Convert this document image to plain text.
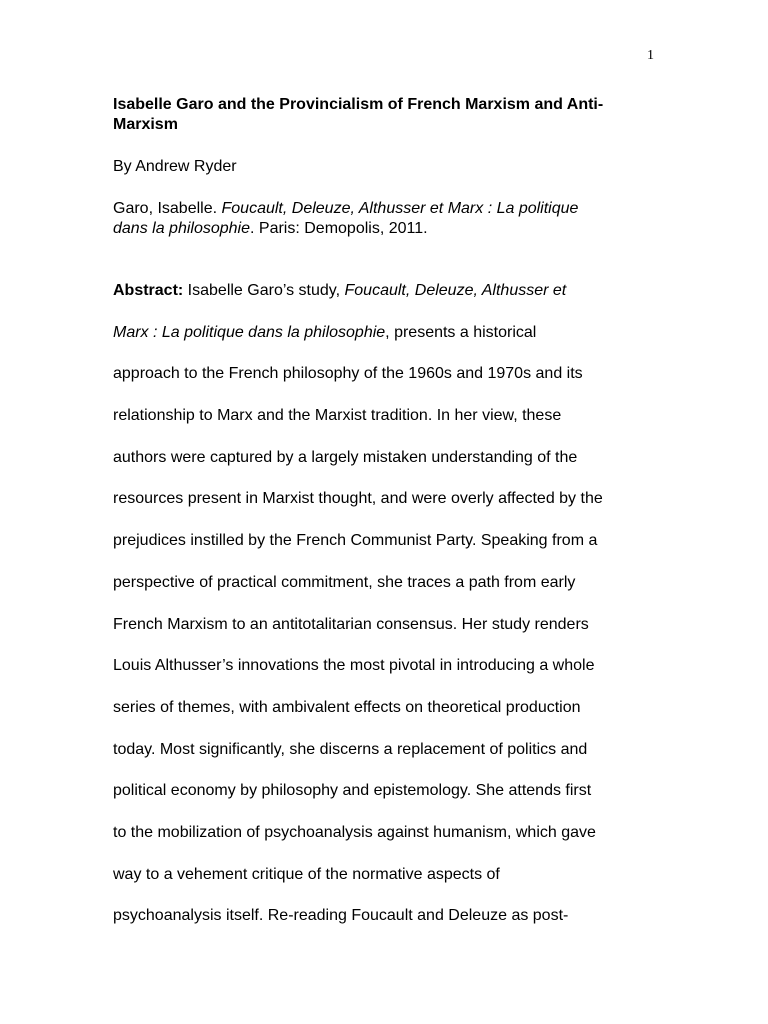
1
Isabelle Garo and the Provincialism of French Marxism and Anti-
Marxism

By Andrew Ryder

Garo, Isabelle. Foucault, Deleuze, Althusser et Marx : La politique
dans la philosophie. Paris: Demopolis, 2011.

Abstract: Isabelle Garo’s study, Foucault, Deleuze, Althusser et
Marx : La politique dans la philosophie, presents a historical
approach to the French philosophy of the 1960s and 1970s and its
relationship to Marx and the Marxist tradition. In her view, these
authors were captured by a largely mistaken understanding of the
resources present in Marxist thought, and were overly affected by the
prejudices instilled by the French Communist Party. Speaking from a
perspective of practical commitment, she traces a path from early
French Marxism to an antitotalitarian consensus. Her study renders
Louis Althusser’s innovations the most pivotal in introducing a whole
series of themes, with ambivalent effects on theoretical production
today. Most significantly, she discerns a replacement of politics and
political economy by philosophy and epistemology. She attends first
to the mobilization of psychoanalysis against humanism, which gave
way to a vehement critique of the normative aspects of
psychoanalysis itself. Re-reading Foucault and Deleuze as post-
